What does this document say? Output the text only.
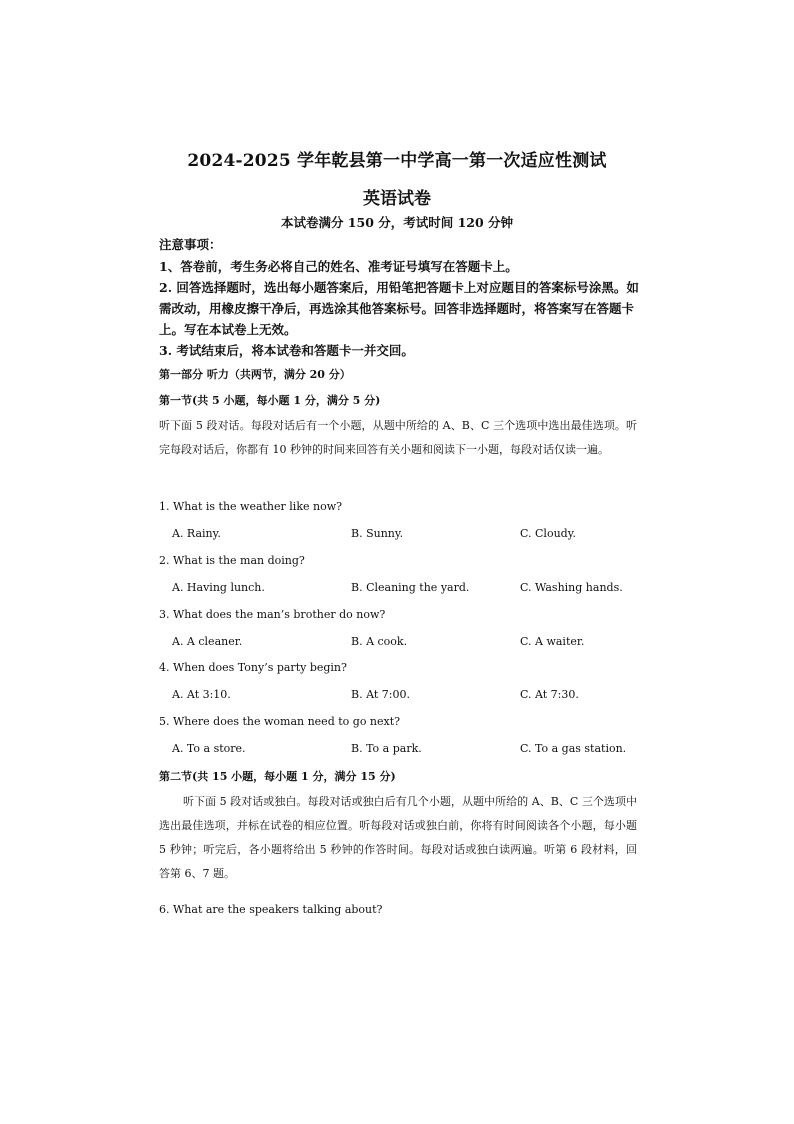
2024-2025 学年乾县第一中学高一第一次适应性测试
英语试卷
本试卷满分 150 分，考试时间 120 分钟
注意事项：
1、答卷前，考生务必将自己的姓名、准考证号填写在答题卡上。
2. 回答选择题时，选出每小题答案后，用铅笔把答题卡上对应题目的答案标号涂黑。如需改动，用橡皮擦干净后，再选涂其他答案标号。回答非选择题时，将答案写在答题卡上。写在本试卷上无效。
3. 考试结束后，将本试卷和答题卡一并交回。
第一部分 听力（共两节，满分 20 分）
第一节(共 5 小题，每小题 1 分，满分 5 分)
听下面 5 段对话。每段对话后有一个小题，从题中所给的 A、B、C 三个选项中选出最佳选项。听完每段对话后，你都有 10 秒钟的时间来回答有关小题和阅读下一小题，每段对话仅读一遍。
1. What is the weather like now?
A. Rainy.	B. Sunny.	C. Cloudy.
2. What is the man doing?
A. Having lunch.	B. Cleaning the yard.	C. Washing hands.
3. What does the man’s brother do now?
A. A cleaner.	B. A cook.	C. A waiter.
4. When does Tony’s party begin?
A. At 3:10.	B. At 7:00.	C. At 7:30.
5. Where does the woman need to go next?
A. To a store.	B. To a park.	C. To a gas station.
第二节(共 15 小题，每小题 1 分，满分 15 分)
听下面 5 段对话或独白。每段对话或独白后有几个小题，从题中所给的 A、B、C 三个选项中选出最佳选项，并标在试卷的相应位置。听每段对话或独白前，你将有时间阅读各个小题，每小题 5 秒钟；听完后，各小题将给出 5 秒钟的作答时间。每段对话或独白读两遍。听第 6 段材料，回答第 6、7 题。
6. What are the speakers talking about?
